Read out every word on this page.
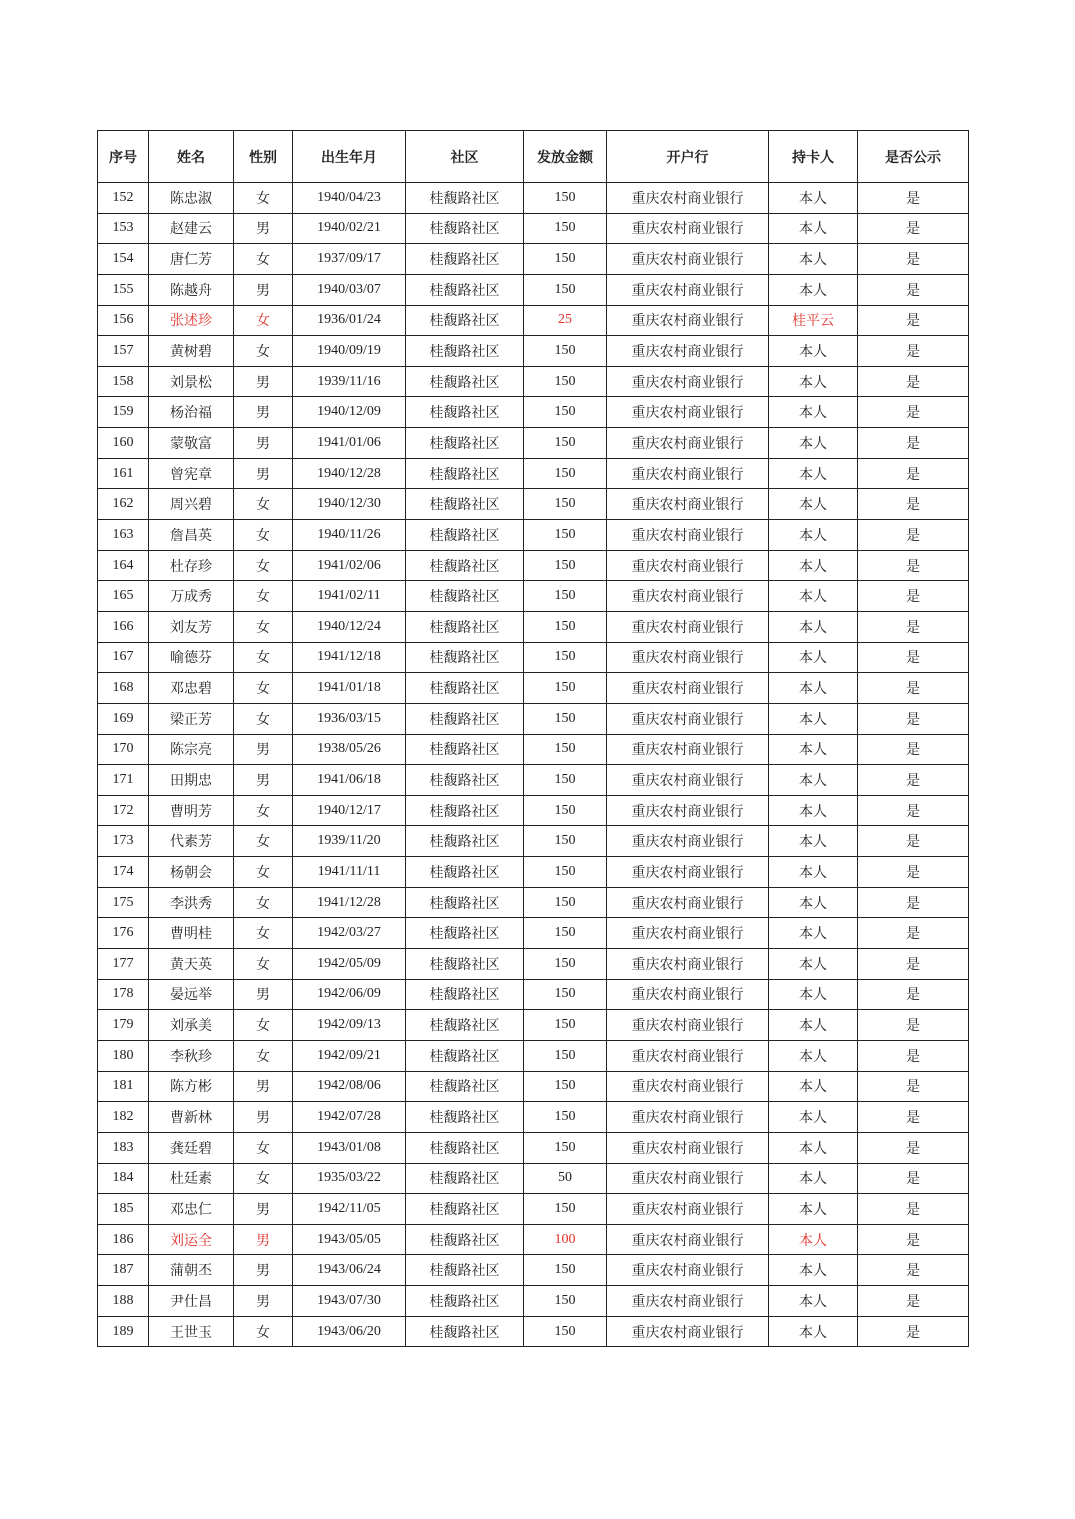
序号	姓名	性别	出生年月	社区	发放金额	开户行	持卡人	是否公示
152	陈忠淑	女	1940/04/23	桂馥路社区	150	重庆农村商业银行	本人	是
153	赵建云	男	1940/02/21	桂馥路社区	150	重庆农村商业银行	本人	是
154	唐仁芳	女	1937/09/17	桂馥路社区	150	重庆农村商业银行	本人	是
155	陈越舟	男	1940/03/07	桂馥路社区	150	重庆农村商业银行	本人	是
156	张述珍	女	1936/01/24	桂馥路社区	25	重庆农村商业银行	桂平云	是
157	黄树碧	女	1940/09/19	桂馥路社区	150	重庆农村商业银行	本人	是
158	刘景松	男	1939/11/16	桂馥路社区	150	重庆农村商业银行	本人	是
159	杨治福	男	1940/12/09	桂馥路社区	150	重庆农村商业银行	本人	是
160	蒙敬富	男	1941/01/06	桂馥路社区	150	重庆农村商业银行	本人	是
161	曾宪章	男	1940/12/28	桂馥路社区	150	重庆农村商业银行	本人	是
162	周兴碧	女	1940/12/30	桂馥路社区	150	重庆农村商业银行	本人	是
163	詹昌英	女	1940/11/26	桂馥路社区	150	重庆农村商业银行	本人	是
164	杜存珍	女	1941/02/06	桂馥路社区	150	重庆农村商业银行	本人	是
165	万成秀	女	1941/02/11	桂馥路社区	150	重庆农村商业银行	本人	是
166	刘友芳	女	1940/12/24	桂馥路社区	150	重庆农村商业银行	本人	是
167	喻德芬	女	1941/12/18	桂馥路社区	150	重庆农村商业银行	本人	是
168	邓忠碧	女	1941/01/18	桂馥路社区	150	重庆农村商业银行	本人	是
169	梁正芳	女	1936/03/15	桂馥路社区	150	重庆农村商业银行	本人	是
170	陈宗亮	男	1938/05/26	桂馥路社区	150	重庆农村商业银行	本人	是
171	田期忠	男	1941/06/18	桂馥路社区	150	重庆农村商业银行	本人	是
172	曹明芳	女	1940/12/17	桂馥路社区	150	重庆农村商业银行	本人	是
173	代素芳	女	1939/11/20	桂馥路社区	150	重庆农村商业银行	本人	是
174	杨朝会	女	1941/11/11	桂馥路社区	150	重庆农村商业银行	本人	是
175	李洪秀	女	1941/12/28	桂馥路社区	150	重庆农村商业银行	本人	是
176	曹明桂	女	1942/03/27	桂馥路社区	150	重庆农村商业银行	本人	是
177	黄天英	女	1942/05/09	桂馥路社区	150	重庆农村商业银行	本人	是
178	晏远举	男	1942/06/09	桂馥路社区	150	重庆农村商业银行	本人	是
179	刘承美	女	1942/09/13	桂馥路社区	150	重庆农村商业银行	本人	是
180	李秋珍	女	1942/09/21	桂馥路社区	150	重庆农村商业银行	本人	是
181	陈方彬	男	1942/08/06	桂馥路社区	150	重庆农村商业银行	本人	是
182	曹新林	男	1942/07/28	桂馥路社区	150	重庆农村商业银行	本人	是
183	龚廷碧	女	1943/01/08	桂馥路社区	150	重庆农村商业银行	本人	是
184	杜廷素	女	1935/03/22	桂馥路社区	50	重庆农村商业银行	本人	是
185	邓忠仁	男	1942/11/05	桂馥路社区	150	重庆农村商业银行	本人	是
186	刘运全	男	1943/05/05	桂馥路社区	100	重庆农村商业银行	本人	是
187	蒲朝丕	男	1943/06/24	桂馥路社区	150	重庆农村商业银行	本人	是
188	尹仕昌	男	1943/07/30	桂馥路社区	150	重庆农村商业银行	本人	是
189	王世玉	女	1943/06/20	桂馥路社区	150	重庆农村商业银行	本人	是
